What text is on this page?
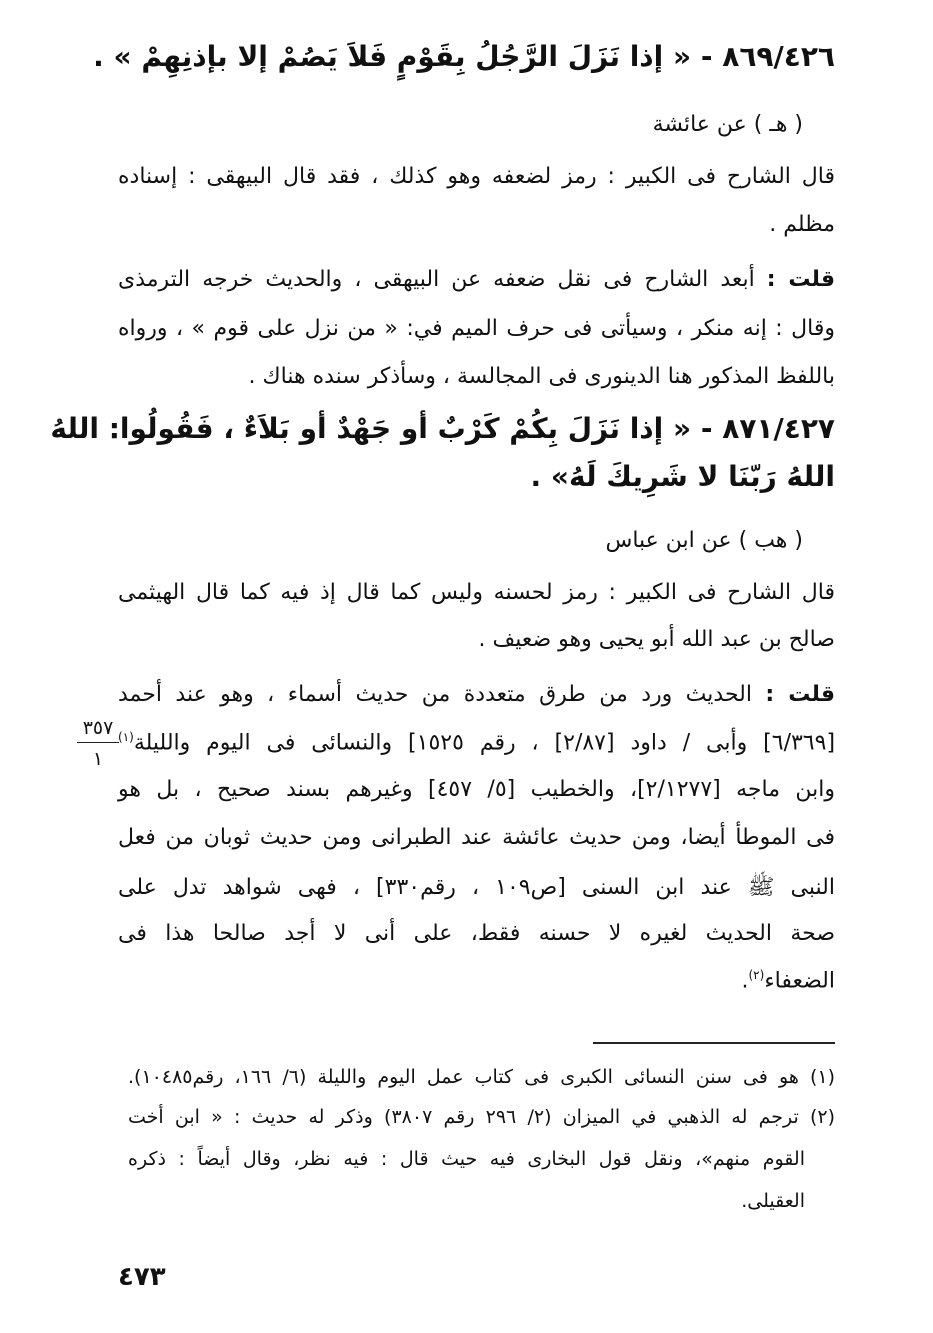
٨٦٩/٤٢٦ - « إذا نَزَلَ الرَّجُلُ بِقَوْمٍ فَلاَ يَصُمْ إلا بإذنِهِمْ » .
( هـ ) عن عائشة
قال الشارح فى الكبير : رمز لضعفه وهو كذلك ، فقد قال البيهقى : إسناده
مظلم .
قلت : أبعد الشارح فى نقل ضعفه عن البيهقى ، والحديث خرجه الترمذى
وقال : إنه منكر ، وسيأتى فى حرف الميم في: « من نزل على قوم » ، ورواه
باللفظ المذكور هنا الدينورى فى المجالسة ، وسأذكر سنده هناك .
٨٧١/٤٢٧ - « إذا نَزَلَ بِكُمْ كَرْبٌ أو جَهْدٌ أو بَلاَءٌ ، فَقُولُوا: اللهُ
اللهُ رَبّنَا لا شَرِيكَ لَهُ» .
( هب ) عن ابن عباس
قال الشارح فى الكبير : رمز لحسنه وليس كما قال إذ فيه كما قال الهيثمى
صالح بن عبد الله أبو يحيى وهو ضعيف .
قلت : الحديث ورد من طرق متعددة من حديث أسماء ، وهو عند أحمد
[٦/٣٦٩] وأبى / داود [٢/٨٧] ، رقم ١٥٢٥] والنسائى فى اليوم والليلة$^{(١)}$
وابن ماجه [٢/١٢٧٧]، والخطيب [٥/ ٤٥٧] وغيرهم بسند صحيح ، بل هو
فى الموطأ أيضا، ومن حديث عائشة عند الطبرانى ومن حديث ثوبان من فعل
النبى ﷺ عند ابن السنى [ص١٠٩ ، رقم٣٣٠] ، فهى شواهد تدل على
صحة الحديث لغيره لا حسنه فقط، على أنى لا أجد صالحا هذا فى
الضعفاء$^{(٢)}$.
٣٥٧
١
(١) هو فى سنن النسائى الكبرى فى كتاب عمل اليوم والليلة (٦/ ١٦٦، رقم١٠٤٨٥).
(٢) ترجم له الذهبي في الميزان (٢/ ٢٩٦ رقم ٣٨٠٧) وذكر له حديث : « ابن أخت
القوم منهم»، ونقل قول البخارى فيه حيث قال : فيه نظر، وقال أيضاً : ذكره
العقيلى.
٤٧٣
